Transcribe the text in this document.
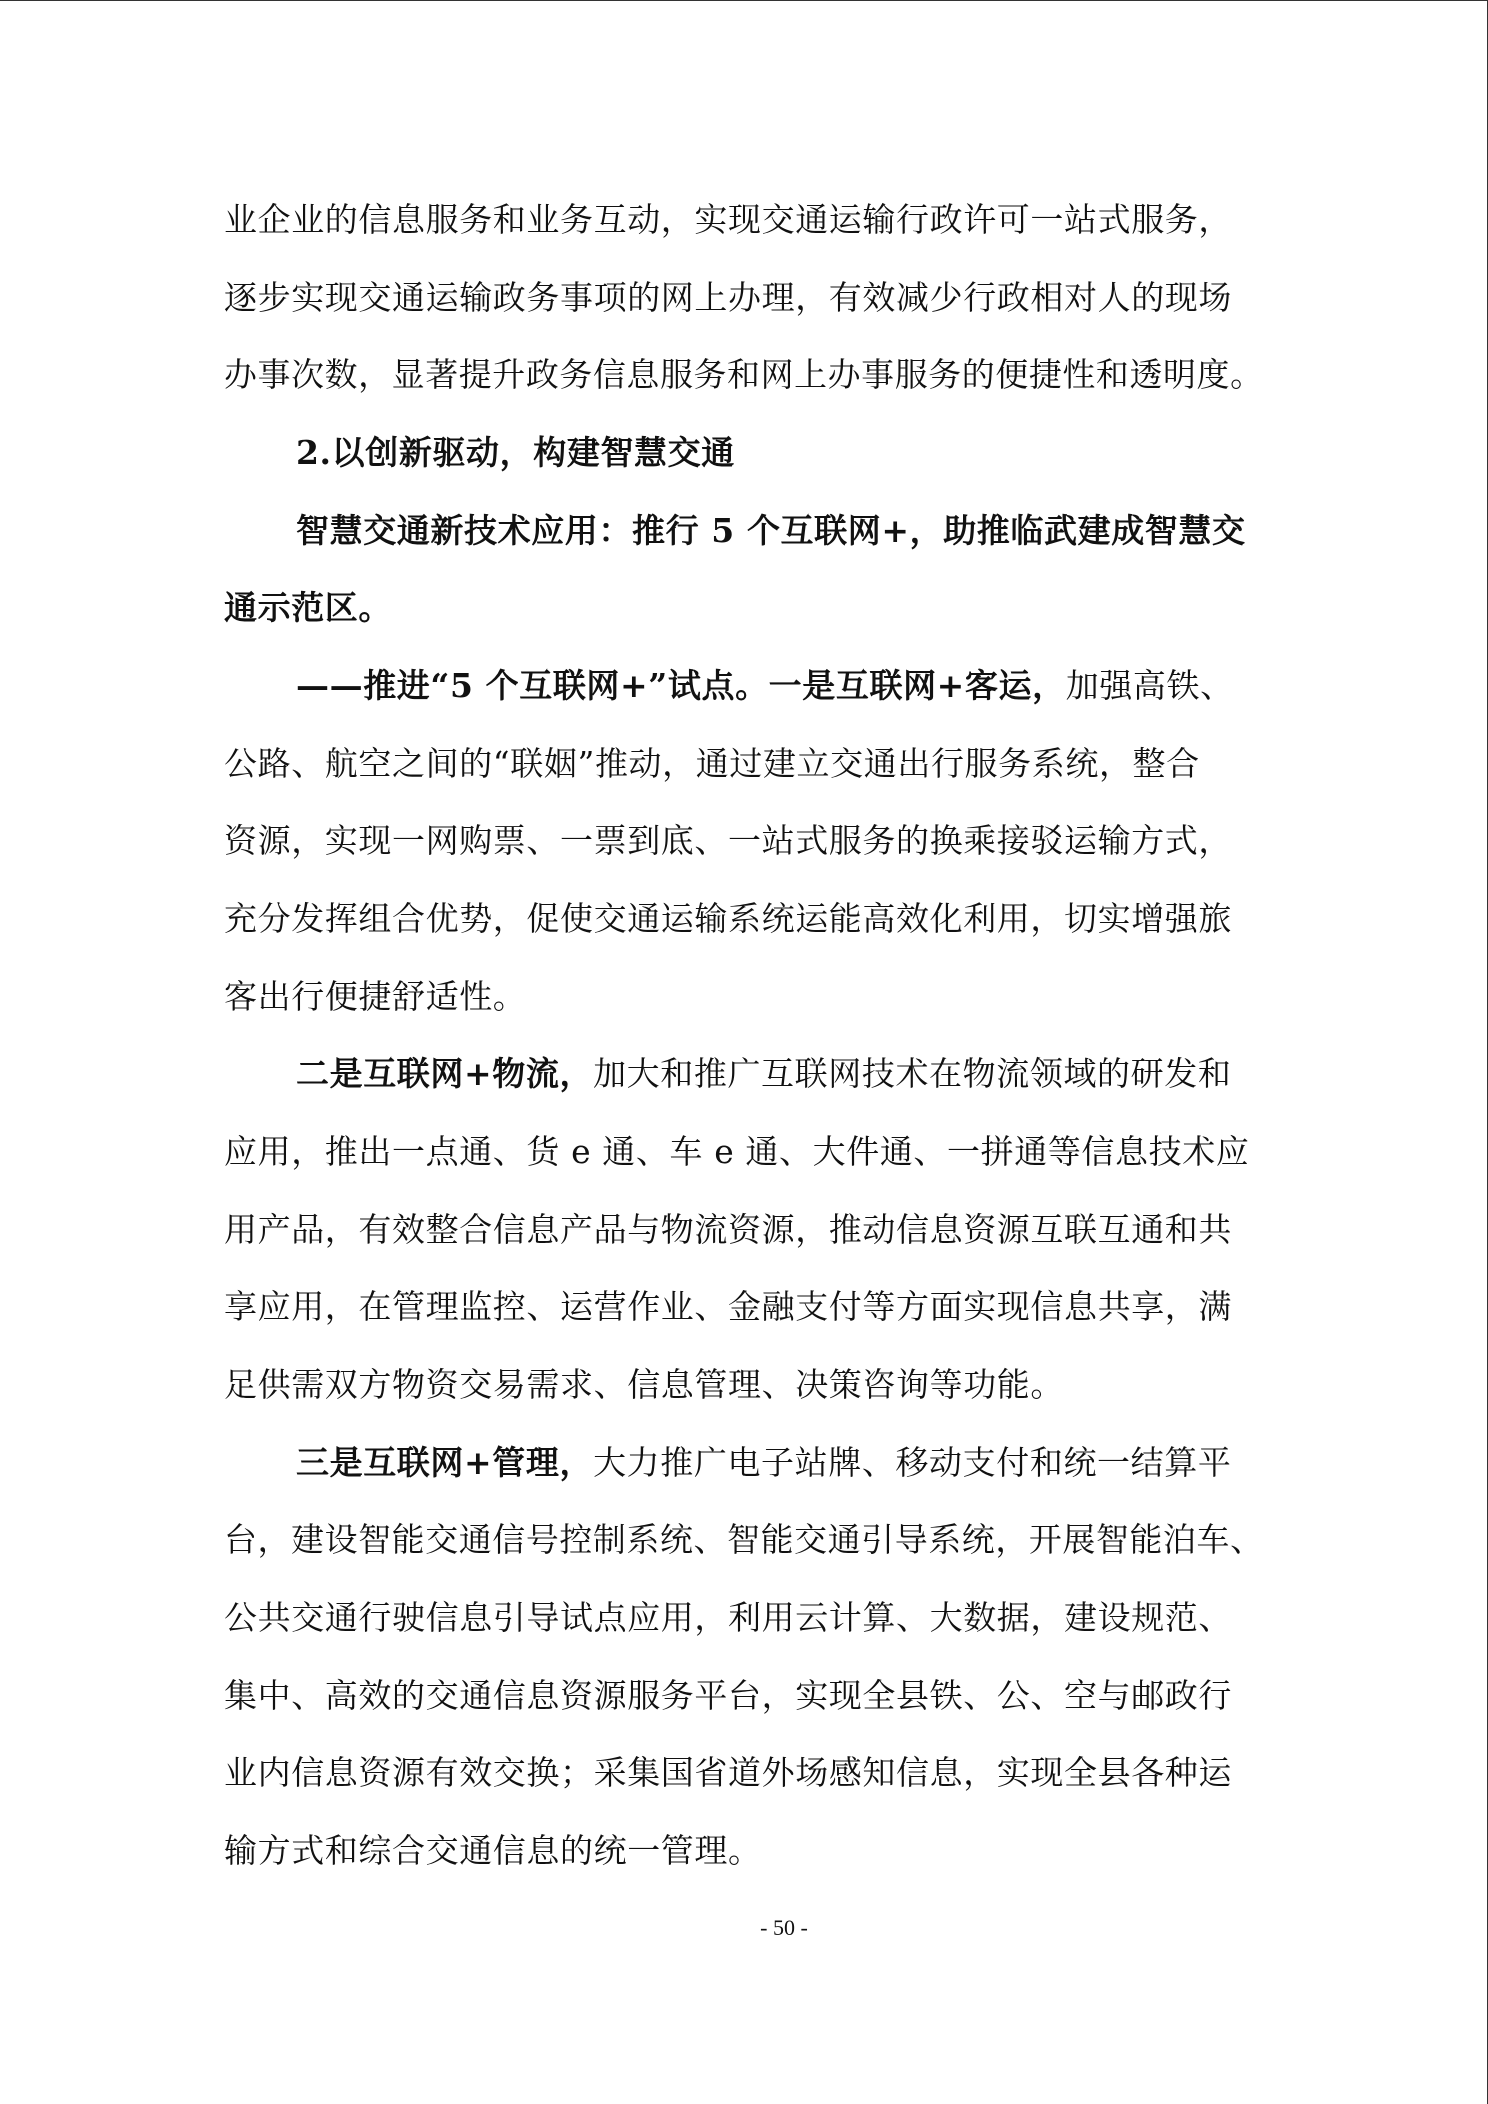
业企业的信息服务和业务互动，实现交通运输行政许可一站式服务，
逐步实现交通运输政务事项的网上办理，有效减少行政相对人的现场
办事次数，显著提升政务信息服务和网上办事服务的便捷性和透明度。
2.以创新驱动，构建智慧交通
智慧交通新技术应用：推行 5 个互联网+，助推临武建成智慧交
通示范区。
——推进“5 个互联网+”试点。一是互联网+客运，加强高铁、
公路、航空之间的“联姻”推动，通过建立交通出行服务系统，整合
资源，实现一网购票、一票到底、一站式服务的换乘接驳运输方式，
充分发挥组合优势，促使交通运输系统运能高效化利用，切实增强旅
客出行便捷舒适性。
二是互联网+物流，加大和推广互联网技术在物流领域的研发和
应用，推出一点通、货 e 通、车 e 通、大件通、一拼通等信息技术应
用产品，有效整合信息产品与物流资源，推动信息资源互联互通和共
享应用，在管理监控、运营作业、金融支付等方面实现信息共享，满
足供需双方物资交易需求、信息管理、决策咨询等功能。
三是互联网+管理，大力推广电子站牌、移动支付和统一结算平
台，建设智能交通信号控制系统、智能交通引导系统，开展智能泊车、
公共交通行驶信息引导试点应用，利用云计算、大数据，建设规范、
集中、高效的交通信息资源服务平台，实现全县铁、公、空与邮政行
业内信息资源有效交换；采集国省道外场感知信息，实现全县各种运
输方式和综合交通信息的统一管理。
- 50 -
